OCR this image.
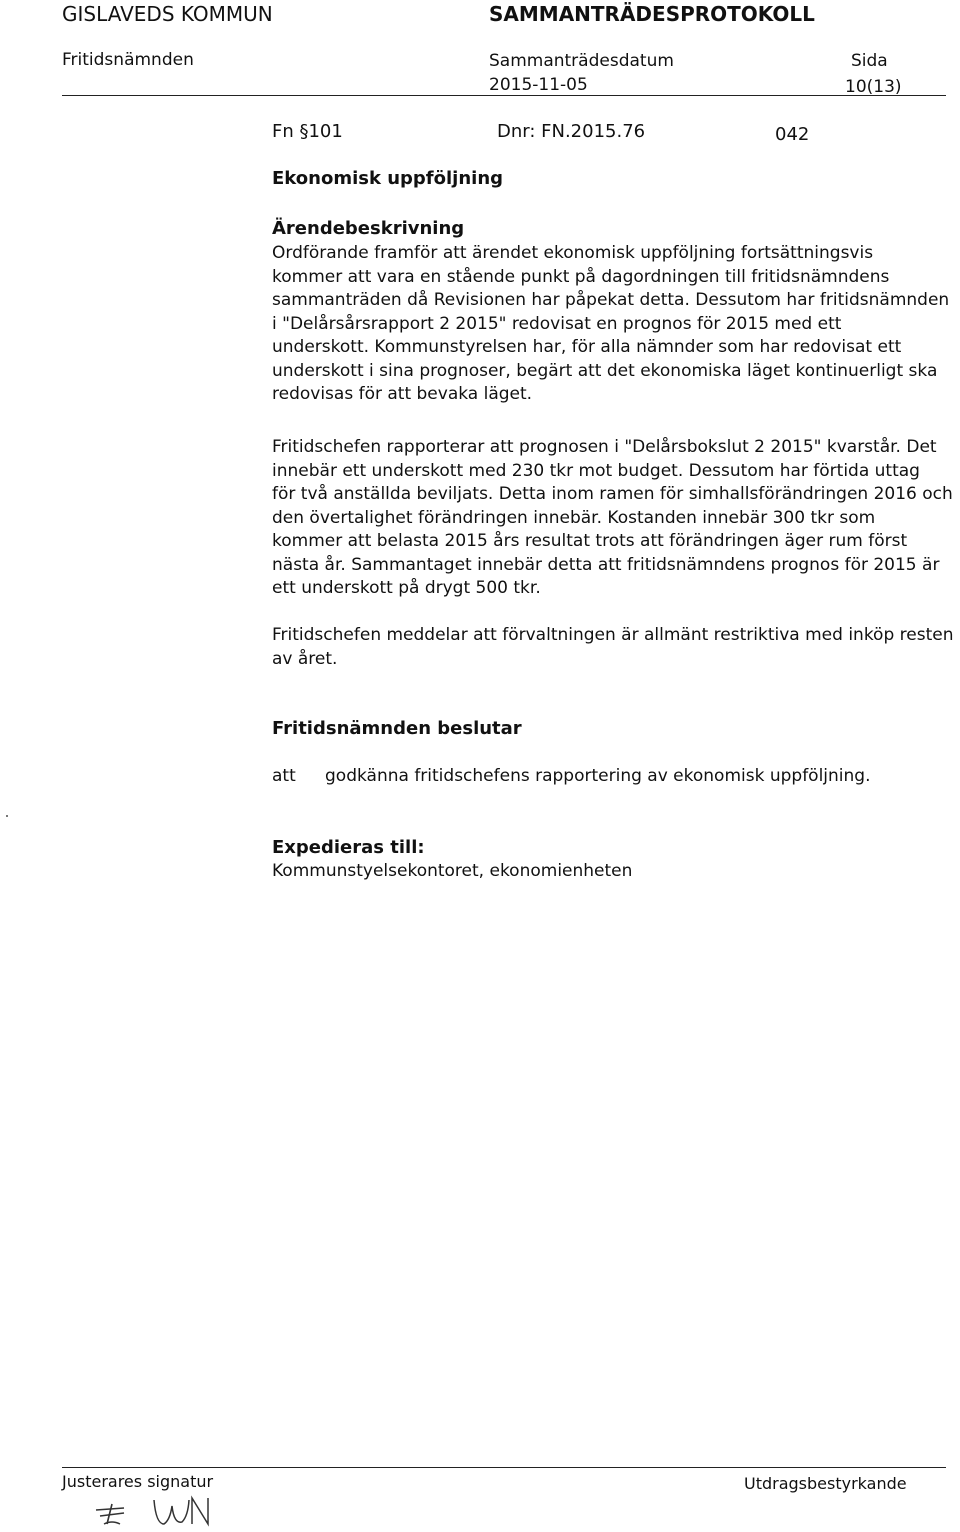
GISLAVEDS KOMMUN	SAMMANTRÄDESPROTOKOLL
Fritidsnämnden	Sammanträdesdatum	Sida
2015-11-05	10(13)
Fn §101	Dnr: FN.2015.76	042
Ekonomisk uppföljning
Ärendebeskrivning
Ordförande framför att ärendet ekonomisk uppföljning fortsättningsvis
kommer att vara en stående punkt på dagordningen till fritidsnämndens
sammanträden då Revisionen har påpekat detta. Dessutom har fritidsnämnden
i "Delårsårsrapport 2 2015" redovisat en prognos för 2015 med ett
underskott. Kommunstyrelsen har, för alla nämnder som har redovisat ett
underskott i sina prognoser, begärt att det ekonomiska läget kontinuerligt ska
redovisas för att bevaka läget.
Fritidschefen rapporterar att prognosen i "Delårsbokslut 2 2015" kvarstår. Det
innebär ett underskott med 230 tkr mot budget. Dessutom har förtida uttag
för två anställda beviljats. Detta inom ramen för simhallsförändringen 2016 och
den övertalighet förändringen innebär. Kostanden innebär 300 tkr som
kommer att belasta 2015 års resultat trots att förändringen äger rum först
nästa år. Sammantaget innebär detta att fritidsnämndens prognos för 2015 är
ett underskott på drygt 500 tkr.
Fritidschefen meddelar att förvaltningen är allmänt restriktiva med inköp resten
av året.
Fritidsnämnden beslutar
att godkänna fritidschefens rapportering av ekonomisk uppföljning.
Expedieras till:
Kommunstyelsekontoret, ekonomienheten
Justerares signatur	Utdragsbestyrkande
